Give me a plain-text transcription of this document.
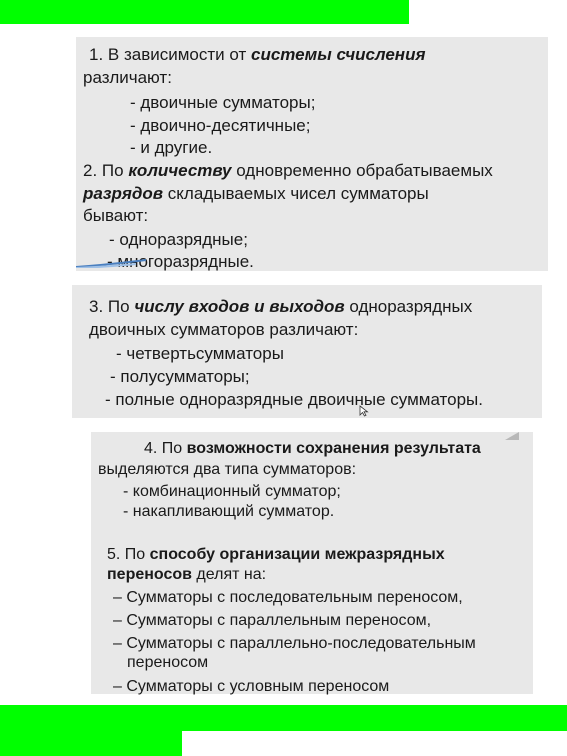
1. В зависимости от системы счисления
различают:
- двоичные сумматоры;
- двоично-десятичные;
- и другие.
2. По количеству одновременно обрабатываемых
разрядов складываемых чисел сумматоры
бывают:
- одноразрядные;
- многоразрядные.
3. По числу входов и выходов одноразрядных
двоичных сумматоров различают:
- четвертьсумматоры
- полусумматоры;
- полные одноразрядные двоичные сумматоры.
4. По возможности сохранения результата
выделяются два типа сумматоров:
- комбинационный сумматор;
- накапливающий сумматор.
5. По способу организации межразрядных
переносов делят на:
– Сумматоры с последовательным переносом,
– Сумматоры с параллельным переносом,
– Сумматоры с параллельно-последовательным
переносом
– Сумматоры с условным переносом
